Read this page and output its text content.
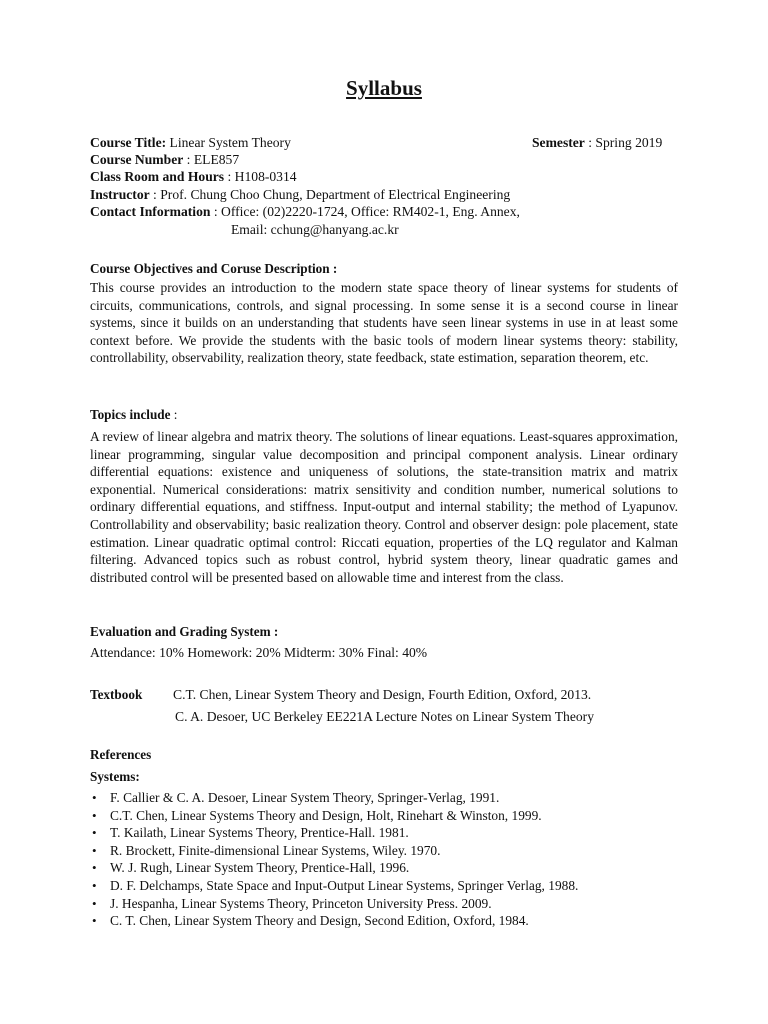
Syllabus
Course Title: Linear System Theory	Semester : Spring 2019
Course Number : ELE857
Class Room and Hours : H108-0314
Instructor : Prof. Chung Choo Chung, Department of Electrical Engineering
Contact Information : Office: (02)2220-1724, Office: RM402-1, Eng. Annex,
Email: cchung@hanyang.ac.kr
Course Objectives and Coruse Description :
This course provides an introduction to the modern state space theory of linear systems for students of circuits, communications, controls, and signal processing. In some sense it is a second course in linear systems, since it builds on an understanding that students have seen linear systems in use in at least some context before. We provide the students with the basic tools of modern linear systems theory: stability, controllability, observability, realization theory, state feedback, state estimation, separation theorem, etc.
Topics include :
A review of linear algebra and matrix theory. The solutions of linear equations. Least-squares approximation, linear programming, singular value decomposition and principal component analysis. Linear ordinary differential equations: existence and uniqueness of solutions, the state-transition matrix and matrix exponential. Numerical considerations: matrix sensitivity and condition number, numerical solutions to ordinary differential equations, and stiffness. Input-output and internal stability; the method of Lyapunov. Controllability and observability; basic realization theory. Control and observer design: pole placement, state estimation. Linear quadratic optimal control: Riccati equation, properties of the LQ regulator and Kalman filtering. Advanced topics such as robust control, hybrid system theory, linear quadratic games and distributed control will be presented based on allowable time and interest from the class.
Evaluation and Grading System :
Attendance: 10% Homework: 20% Midterm: 30% Final: 40%
Textbook C.T. Chen, Linear System Theory and Design, Fourth Edition, Oxford, 2013.
C. A. Desoer, UC Berkeley EE221A Lecture Notes on Linear System Theory
References
Systems:
• F. Callier & C. A. Desoer, Linear System Theory, Springer-Verlag, 1991.
• C.T. Chen, Linear Systems Theory and Design, Holt, Rinehart & Winston, 1999.
• T. Kailath, Linear Systems Theory, Prentice-Hall. 1981.
• R. Brockett, Finite-dimensional Linear Systems, Wiley. 1970.
• W. J. Rugh, Linear System Theory, Prentice-Hall, 1996.
• D. F. Delchamps, State Space and Input-Output Linear Systems, Springer Verlag, 1988.
• J. Hespanha, Linear Systems Theory, Princeton University Press. 2009.
• C. T. Chen, Linear System Theory and Design, Second Edition, Oxford, 1984.
